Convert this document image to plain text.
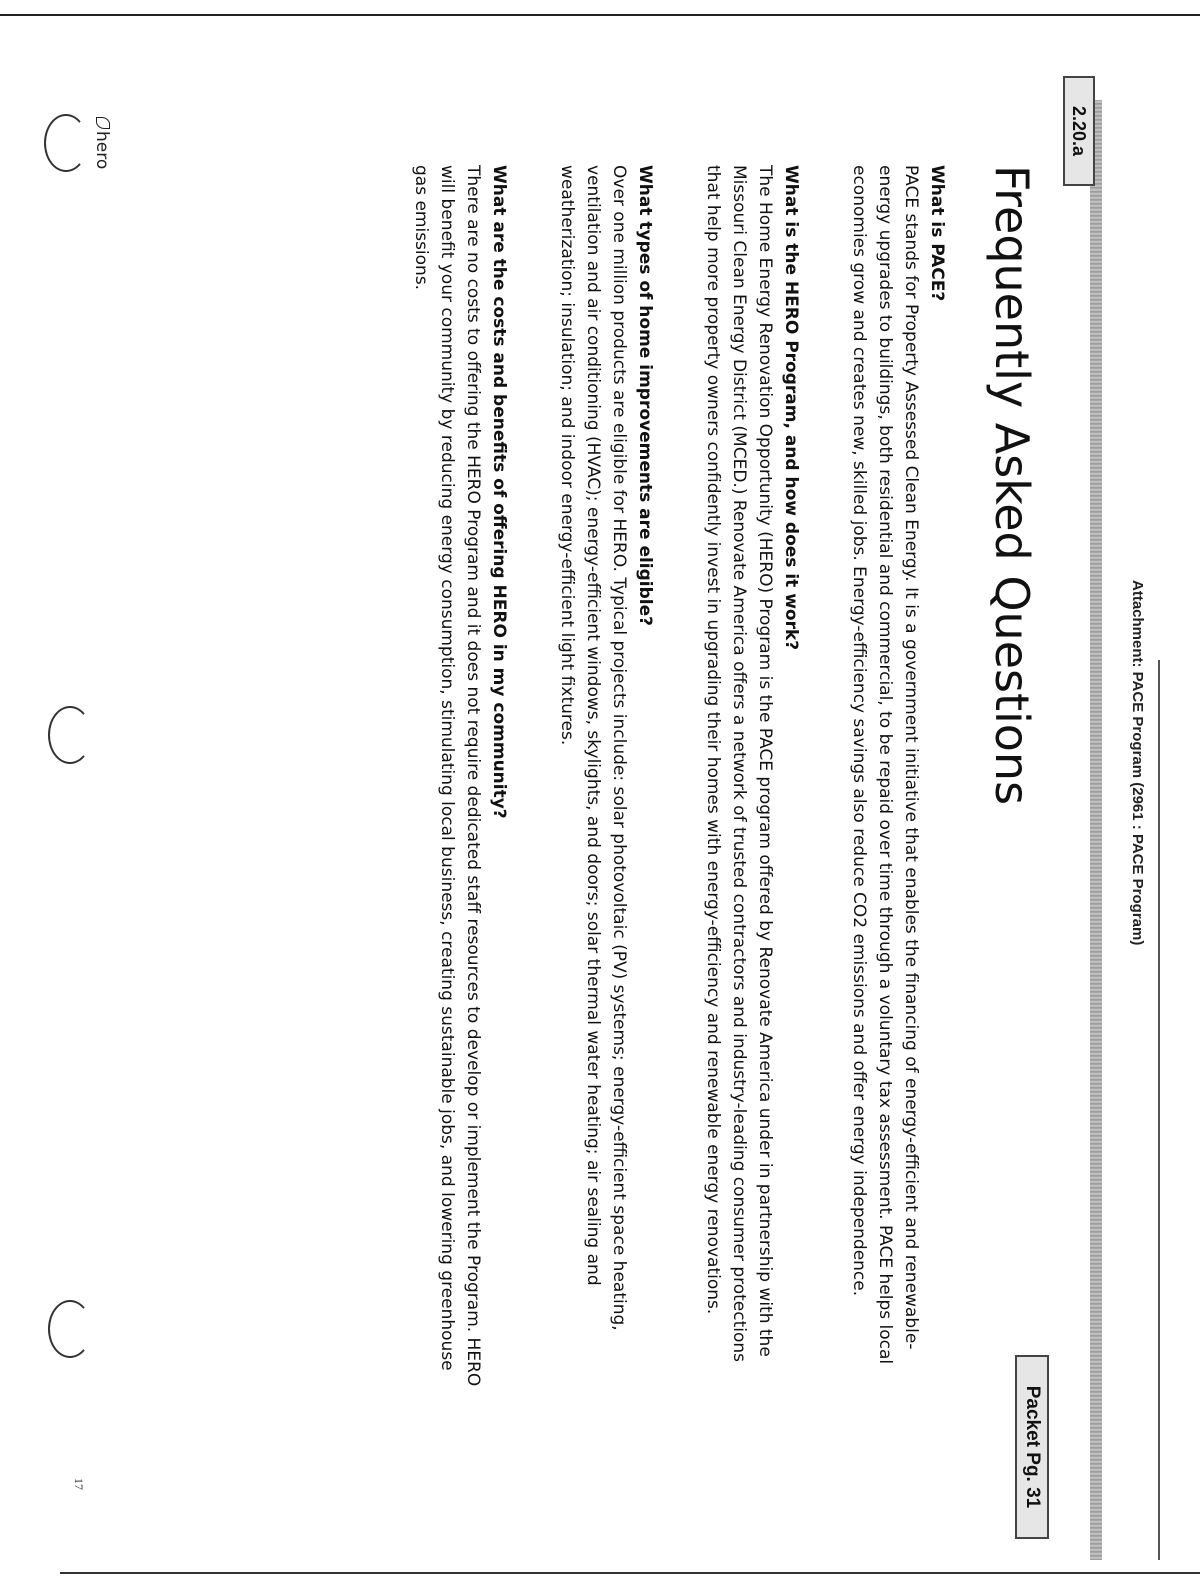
2.20.a
Packet Pg. 31
Attachment: PACE Program (2961 : PACE Program)
Frequently Asked Questions

What is PACE?

PACE stands for Property Assessed Clean Energy. It is a government initiative that enables the financing of energy-efficient and renewable-energy upgrades to buildings, both residential and commercial, to be repaid over time through a voluntary tax assessment. PACE helps local economies grow and creates new, skilled jobs. Energy-efficiency savings also reduce CO2 emissions and offer energy independence.

What is the HERO Program, and how does it work?

The Home Energy Renovation Opportunity (HERO) Program is the PACE program offered by Renovate America under in partnership with the Missouri Clean Energy District (MCED.) Renovate America offers a network of trusted contractors and industry-leading consumer protections that help more property owners confidently invest in upgrading their homes with energy-efficiency and renewable energy renovations.

What types of home improvements are eligible?

Over one million products are eligible for HERO. Typical projects include: solar photovoltaic (PV) systems; energy-efficient space heating, ventilation and air conditioning (HVAC); energy-efficient windows, skylights, and doors; solar thermal water heating; air sealing and weatherization; insulation; and indoor energy-efficient light fixtures.

What are the costs and benefits of offering HERO in my community?

There are no costs to offering the HERO Program and it does not require dedicated staff resources to develop or implement the Program. HERO will benefit your community by reducing energy consumption, stimulating local business, creating sustainable jobs, and lowering greenhouse gas emissions.

hero
17
